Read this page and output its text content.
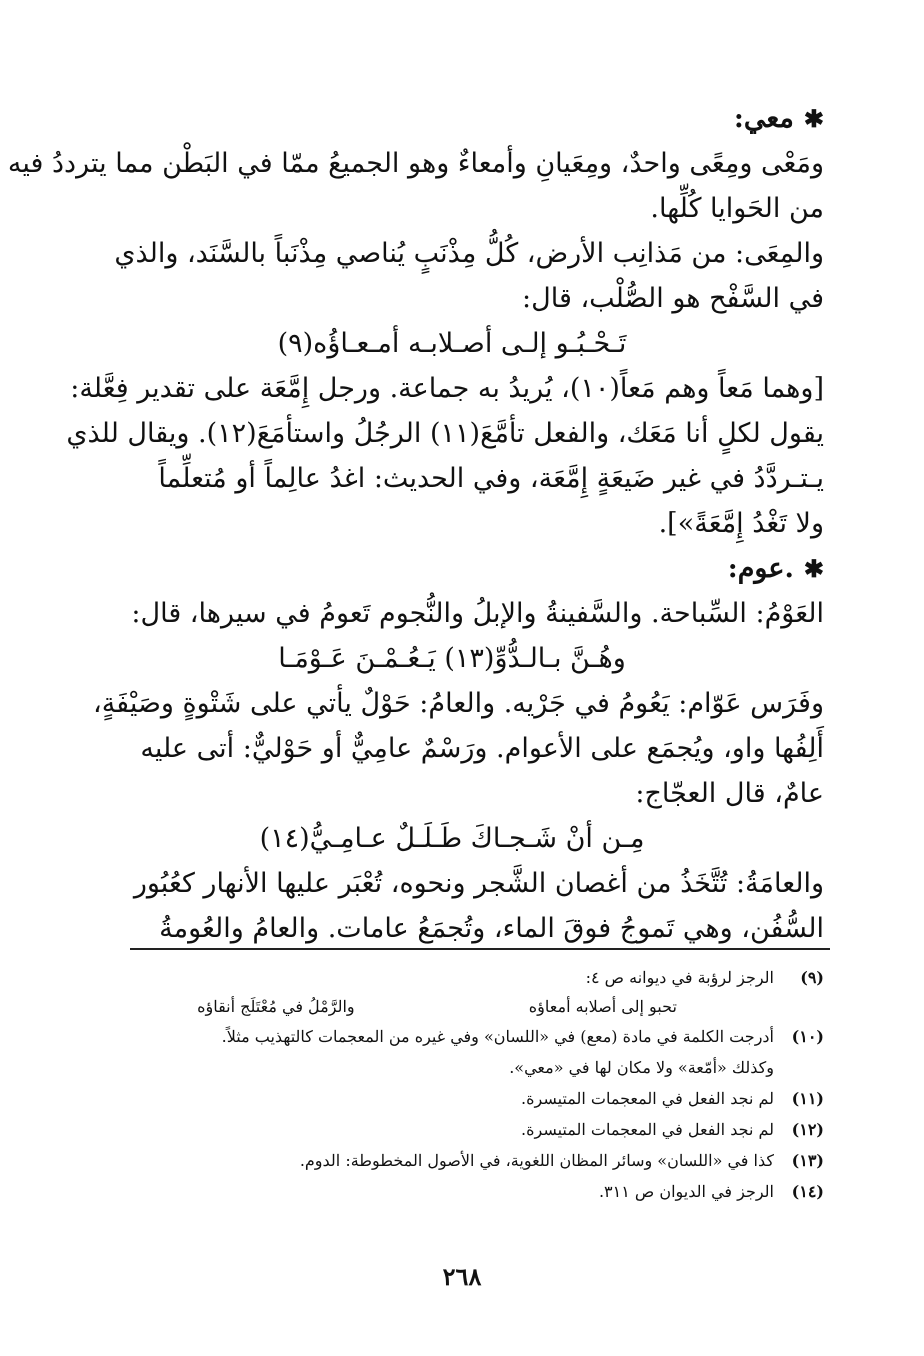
✱
معي:
ومَعْى ومِعًى واحدٌ، ومِعَيانِ وأمعاءٌ وهو الجميعُ ممّا في البَطْن مما يترددُ فيه
من الحَوايا كُلِّها.
والمِعَى: من مَذانِب الأرض، كُلُّ مِذْنَبٍ يُناصي مِذْنَباً بالسَّنَد، والذي
في السَّفْح هو الصُّلْب، قال:
تَـحْـبُـو إلـى أصـلابـه أمـعـاؤُه(٩)
[وهما مَعاً وهم مَعاً(١٠)، يُريدُ به جماعة. ورجل إِمَّعَة على تقدير فِعَّلة:
يقول لكلٍ أنا مَعَك، والفعل تأمَّعَ(١١) الرجُلُ واستأمَعَ(١٢). ويقال للذي
يـتـردَّدُ في غير ضَيعَةٍ إِمَّعَة، وفي الحديث: اغدُ عالِماً أو مُتعلِّماً
ولا تَغْدُ إِمَّعَةً»].
✱
.عوم:
العَوْمُ: السِّباحة. والسَّفينةُ والإبلُ والنُّجوم تَعومُ في سيرها، قال:
وهُـنَّ بـالـدُّوِّ(١٣) يَـعُـمْـنَ عَـوْمَـا
وفَرَس عَوّام: يَعُومُ في جَرْيه. والعامُ: حَوْلٌ يأتي على شَتْوةٍ وصَيْفَةٍ،
أَلِفُها واو، ويُجمَع على الأعوام. ورَسْمٌ عامِيٌّ أو حَوْليٌّ: أتى عليه
عامٌ، قال العجّاج:
مِـن أنْ شَـجـاكَ طَـلَـلٌ عـامِـيُّ(١٤)
والعامَةُ: تُتَّخَذُ من أغصان الشَّجر ونحوه، تُعْبَر عليها الأنهار كعُبُور
السُّفُن، وهي تَموجُ فوقَ الماء، وتُجمَعُ عامات. والعامُ والعُومةُ
(٩)
الرجز لرؤبة في ديوانه ص ٤:
تحبو إلى أصلابه أمعاؤه
والرَّمْلُ في مُعْتَلَج أنقاؤه
(١٠)
أدرجت الكلمة في مادة (معع) في «اللسان» وفي غيره من المعجمات كالتهذيب مثلاً.
وكذلك «أمّعة» ولا مكان لها في «معي».
(١١)
لم نجد الفعل في المعجمات المتيسرة.
(١٢)
لم نجد الفعل في المعجمات المتيسرة.
(١٣)
كذا في «اللسان» وسائر المظان اللغوية، في الأصول المخطوطة: الدوم.
(١٤)
الرجز في الديوان ص ٣١١.
٢٦٨
